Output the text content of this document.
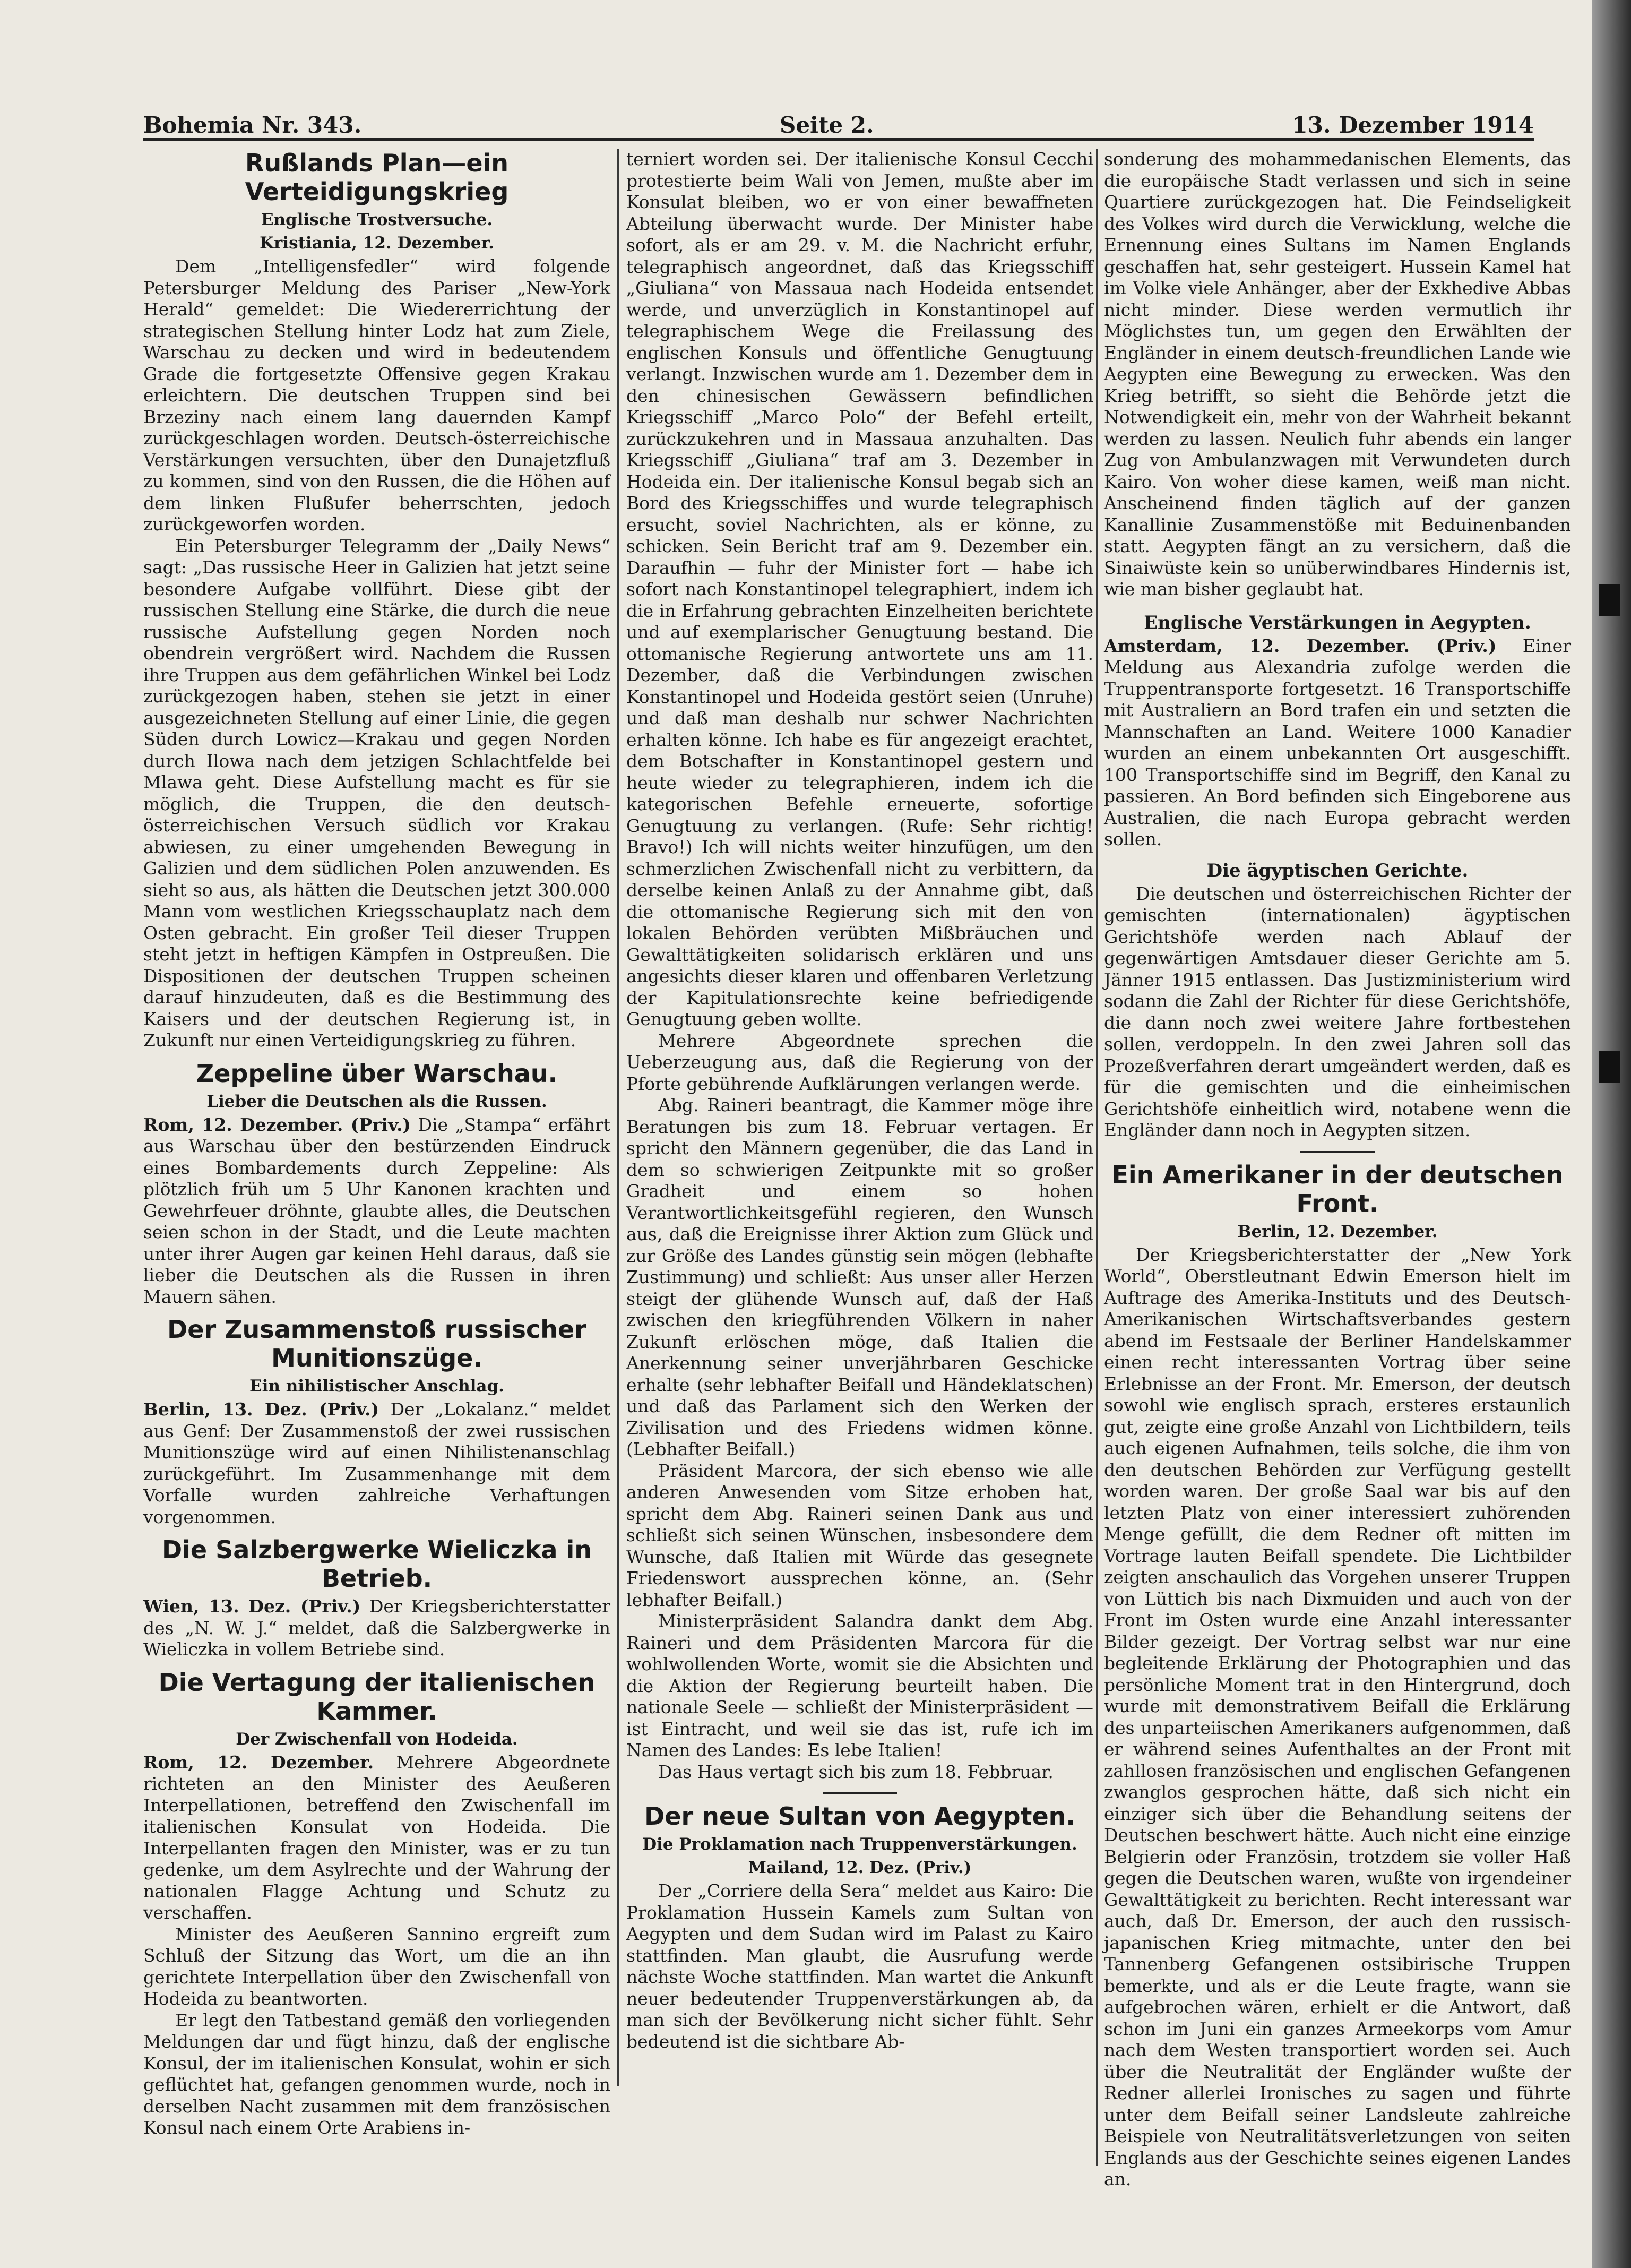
Bohemia Nr. 343.	Seite 2.	13. Dezember 1914
Rußlands Plan—ein Verteidigungskrieg
Englische Trostversuche.
Kristiania, 12. Dezember.

Dem „Intelligensfedler“ wird folgende Petersburger Meldung des Pariser „New-York Herald“ gemeldet: Die Wiedererrichtung der strategischen Stellung hinter Lodz hat zum Ziele, Warschau zu decken und wird in bedeutendem Grade die fortgesetzte Offensive gegen Krakau erleichtern. Die deutschen Truppen sind bei Brzeziny nach einem lang dauernden Kampf zurückgeschlagen worden. Deutsch-österreichische Verstärkungen versuchten, über den Dunajetzfluß zu kommen, sind von den Russen, die die Höhen auf dem linken Flußufer beherrschten, jedoch zurückgeworfen worden.

Ein Petersburger Telegramm der „Daily News“ sagt: „Das russische Heer in Galizien hat jetzt seine besondere Aufgabe vollführt. Diese gibt der russischen Stellung eine Stärke, die durch die neue russische Aufstellung gegen Norden noch obendrein vergrößert wird. Nachdem die Russen ihre Truppen aus dem gefährlichen Winkel bei Lodz zurückgezogen haben, stehen sie jetzt in einer ausgezeichneten Stellung auf einer Linie, die gegen Süden durch Lowicz—Krakau und gegen Norden durch Ilowa nach dem jetzigen Schlachtfelde bei Mlawa geht. Diese Aufstellung macht es für sie möglich, die Truppen, die den deutsch-österreichischen Versuch südlich vor Krakau abwiesen, zu einer umgehenden Bewegung in Galizien und dem südlichen Polen anzuwenden. Es sieht so aus, als hätten die Deutschen jetzt 300.000 Mann vom westlichen Kriegsschauplatz nach dem Osten gebracht. Ein großer Teil dieser Truppen steht jetzt in heftigen Kämpfen in Ostpreußen. Die Dispositionen der deutschen Truppen scheinen darauf hinzudeuten, daß es die Bestimmung des Kaisers und der deutschen Regierung ist, in Zukunft nur einen Verteidigungskrieg zu führen.

Zeppeline über Warschau.
Lieber die Deutschen als die Russen.

Rom, 12. Dezember. (Priv.) Die „Stampa“ erfährt aus Warschau über den bestürzenden Eindruck eines Bombardements durch Zeppeline: Als plötzlich früh um 5 Uhr Kanonen krachten und Gewehrfeuer dröhnte, glaubte alles, die Deutschen seien schon in der Stadt, und die Leute machten unter ihrer Augen gar keinen Hehl daraus, daß sie lieber die Deutschen als die Russen in ihren Mauern sähen.

Der Zusammenstoß russischer Munitionszüge.
Ein nihilistischer Anschlag.

Berlin, 13. Dez. (Priv.) Der „Lokalanz.“ meldet aus Genf: Der Zusammenstoß der zwei russischen Munitionszüge wird auf einen Nihilistenanschlag zurückgeführt. Im Zusammenhange mit dem Vorfalle wurden zahlreiche Verhaftungen vorgenommen.

Die Salzbergwerke Wieliczka in Betrieb.

Wien, 13. Dez. (Priv.) Der Kriegsberichterstatter des „N. W. J.“ meldet, daß die Salzbergwerke in Wieliczka in vollem Betriebe sind.

Die Vertagung der italienischen Kammer.
Der Zwischenfall von Hodeida.

Rom, 12. Dezember. Mehrere Abgeordnete richteten an den Minister des Aeußeren Interpellationen, betreffend den Zwischenfall im italienischen Konsulat von Hodeida. Die Interpellanten fragen den Minister, was er zu tun gedenke, um dem Asylrechte und der Wahrung der nationalen Flagge Achtung und Schutz zu verschaffen.

Minister des Aeußeren Sannino ergreift zum Schluß der Sitzung das Wort, um die an ihn gerichtete Interpellation über den Zwischenfall von Hodeida zu beantworten.

Er legt den Tatbestand gemäß den vorliegenden Meldungen dar und fügt hinzu, daß der englische Konsul, der im italienischen Konsulat, wohin er sich geflüchtet hat, gefangen genommen wurde, noch in derselben Nacht zusammen mit dem französischen Konsul nach einem Orte Arabiens in-

terniert worden sei. Der italienische Konsul Cecchi protestierte beim Wali von Jemen, mußte aber im Konsulat bleiben, wo er von einer bewaffneten Abteilung überwacht wurde. Der Minister habe sofort, als er am 29. v. M. die Nachricht erfuhr, telegraphisch angeordnet, daß das Kriegsschiff „Giuliana“ von Massaua nach Hodeida entsendet werde, und unverzüglich in Konstantinopel auf telegraphischem Wege die Freilassung des englischen Konsuls und öffentliche Genugtuung verlangt. Inzwischen wurde am 1. Dezember dem in den chinesischen Gewässern befindlichen Kriegsschiff „Marco Polo“ der Befehl erteilt, zurückzukehren und in Massaua anzuhalten. Das Kriegsschiff „Giuliana“ traf am 3. Dezember in Hodeida ein. Der italienische Konsul begab sich an Bord des Kriegsschiffes und wurde telegraphisch ersucht, soviel Nachrichten, als er könne, zu schicken. Sein Bericht traf am 9. Dezember ein. Daraufhin — fuhr der Minister fort — habe ich sofort nach Konstantinopel telegraphiert, indem ich die in Erfahrung gebrachten Einzelheiten berichtete und auf exemplarischer Genugtuung bestand. Die ottomanische Regierung antwortete uns am 11. Dezember, daß die Verbindungen zwischen Konstantinopel und Hodeida gestört seien (Unruhe) und daß man deshalb nur schwer Nachrichten erhalten könne. Ich habe es für angezeigt erachtet, dem Botschafter in Konstantinopel gestern und heute wieder zu telegraphieren, indem ich die kategorischen Befehle erneuerte, sofortige Genugtuung zu verlangen. (Rufe: Sehr richtig! Bravo!) Ich will nichts weiter hinzufügen, um den schmerzlichen Zwischenfall nicht zu verbittern, da derselbe keinen Anlaß zu der Annahme gibt, daß die ottomanische Regierung sich mit den von lokalen Behörden verübten Mißbräuchen und Gewalttätigkeiten solidarisch erklären und uns angesichts dieser klaren und offenbaren Verletzung der Kapitulationsrechte keine befriedigende Genugtuung geben wollte.

Mehrere Abgeordnete sprechen die Ueberzeugung aus, daß die Regierung von der Pforte gebührende Aufklärungen verlangen werde.

Abg. Raineri beantragt, die Kammer möge ihre Beratungen bis zum 18. Februar vertagen. Er spricht den Männern gegenüber, die das Land in dem so schwierigen Zeitpunkte mit so großer Gradheit und einem so hohen Verantwortlichkeitsgefühl regieren, den Wunsch aus, daß die Ereignisse ihrer Aktion zum Glück und zur Größe des Landes günstig sein mögen (lebhafte Zustimmung) und schließt: Aus unser aller Herzen steigt der glühende Wunsch auf, daß der Haß zwischen den kriegführenden Völkern in naher Zukunft erlöschen möge, daß Italien die Anerkennung seiner unverjährbaren Geschicke erhalte (sehr lebhafter Beifall und Händeklatschen) und daß das Parlament sich den Werken der Zivilisation und des Friedens widmen könne. (Lebhafter Beifall.)

Präsident Marcora, der sich ebenso wie alle anderen Anwesenden vom Sitze erhoben hat, spricht dem Abg. Raineri seinen Dank aus und schließt sich seinen Wünschen, insbesondere dem Wunsche, daß Italien mit Würde das gesegnete Friedenswort aussprechen könne, an. (Sehr lebhafter Beifall.)

Ministerpräsident Salandra dankt dem Abg. Raineri und dem Präsidenten Marcora für die wohlwollenden Worte, womit sie die Absichten und die Aktion der Regierung beurteilt haben. Die nationale Seele — schließt der Ministerpräsident — ist Eintracht, und weil sie das ist, rufe ich im Namen des Landes: Es lebe Italien!

Das Haus vertagt sich bis zum 18. Febbruar.

Der neue Sultan von Aegypten.
Die Proklamation nach Truppenverstärkungen.
Mailand, 12. Dez. (Priv.)

Der „Corriere della Sera“ meldet aus Kairo: Die Proklamation Hussein Kamels zum Sultan von Aegypten und dem Sudan wird im Palast zu Kairo stattfinden. Man glaubt, die Ausrufung werde nächste Woche stattfinden. Man wartet die Ankunft neuer bedeutender Truppenverstärkungen ab, da man sich der Bevölkerung nicht sicher fühlt. Sehr bedeutend ist die sichtbare Ab-

sonderung des mohammedanischen Elements, das die europäische Stadt verlassen und sich in seine Quartiere zurückgezogen hat. Die Feindseligkeit des Volkes wird durch die Verwicklung, welche die Ernennung eines Sultans im Namen Englands geschaffen hat, sehr gesteigert. Hussein Kamel hat im Volke viele Anhänger, aber der Exkhedive Abbas nicht minder. Diese werden vermutlich ihr Möglichstes tun, um gegen den Erwählten der Engländer in einem deutsch-freundlichen Lande wie Aegypten eine Bewegung zu erwecken. Was den Krieg betrifft, so sieht die Behörde jetzt die Notwendigkeit ein, mehr von der Wahrheit bekannt werden zu lassen. Neulich fuhr abends ein langer Zug von Ambulanzwagen mit Verwundeten durch Kairo. Von woher diese kamen, weiß man nicht. Anscheinend finden täglich auf der ganzen Kanallinie Zusammenstöße mit Beduinenbanden statt. Aegypten fängt an zu versichern, daß die Sinaiwüste kein so unüberwindbares Hindernis ist, wie man bisher geglaubt hat.

Englische Verstärkungen in Aegypten.

Amsterdam, 12. Dezember. (Priv.) Einer Meldung aus Alexandria zufolge werden die Truppentransporte fortgesetzt. 16 Transportschiffe mit Australiern an Bord trafen ein und setzten die Mannschaften an Land. Weitere 1000 Kanadier wurden an einem unbekannten Ort ausgeschifft. 100 Transportschiffe sind im Begriff, den Kanal zu passieren. An Bord befinden sich Eingeborene aus Australien, die nach Europa gebracht werden sollen.

Die ägyptischen Gerichte.

Die deutschen und österreichischen Richter der gemischten (internationalen) ägyptischen Gerichtshöfe werden nach Ablauf der gegenwärtigen Amtsdauer dieser Gerichte am 5. Jänner 1915 entlassen. Das Justizministerium wird sodann die Zahl der Richter für diese Gerichtshöfe, die dann noch zwei weitere Jahre fortbestehen sollen, verdoppeln. In den zwei Jahren soll das Prozeßverfahren derart umgeändert werden, daß es für die gemischten und die einheimischen Gerichtshöfe einheitlich wird, notabene wenn die Engländer dann noch in Aegypten sitzen.

Ein Amerikaner in der deutschen Front.
Berlin, 12. Dezember.

Der Kriegsberichterstatter der „New York World“, Oberstleutnant Edwin Emerson hielt im Auftrage des Amerika-Instituts und des Deutsch-Amerikanischen Wirtschaftsverbandes gestern abend im Festsaale der Berliner Handelskammer einen recht interessanten Vortrag über seine Erlebnisse an der Front. Mr. Emerson, der deutsch sowohl wie englisch sprach, ersteres erstaunlich gut, zeigte eine große Anzahl von Lichtbildern, teils auch eigenen Aufnahmen, teils solche, die ihm von den deutschen Behörden zur Verfügung gestellt worden waren. Der große Saal war bis auf den letzten Platz von einer interessiert zuhörenden Menge gefüllt, die dem Redner oft mitten im Vortrage lauten Beifall spendete. Die Lichtbilder zeigten anschaulich das Vorgehen unserer Truppen von Lüttich bis nach Dixmuiden und auch von der Front im Osten wurde eine Anzahl interessanter Bilder gezeigt. Der Vortrag selbst war nur eine begleitende Erklärung der Photographien und das persönliche Moment trat in den Hintergrund, doch wurde mit demonstrativem Beifall die Erklärung des unparteiischen Amerikaners aufgenommen, daß er während seines Aufenthaltes an der Front mit zahllosen französischen und englischen Gefangenen zwanglos gesprochen hätte, daß sich nicht ein einziger sich über die Behandlung seitens der Deutschen beschwert hätte. Auch nicht eine einzige Belgierin oder Französin, trotzdem sie voller Haß gegen die Deutschen waren, wußte von irgendeiner Gewalttätigkeit zu berichten. Recht interessant war auch, daß Dr. Emerson, der auch den russisch-japanischen Krieg mitmachte, unter den bei Tannenberg Gefangenen ostsibirische Truppen bemerkte, und als er die Leute fragte, wann sie aufgebrochen wären, erhielt er die Antwort, daß schon im Juni ein ganzes Armeekorps vom Amur nach dem Westen transportiert worden sei. Auch über die Neutralität der Engländer wußte der Redner allerlei Ironisches zu sagen und führte unter dem Beifall seiner Landsleute zahlreiche Beispiele von Neutralitätsverletzungen von seiten Englands aus der Geschichte seines eigenen Landes an.
